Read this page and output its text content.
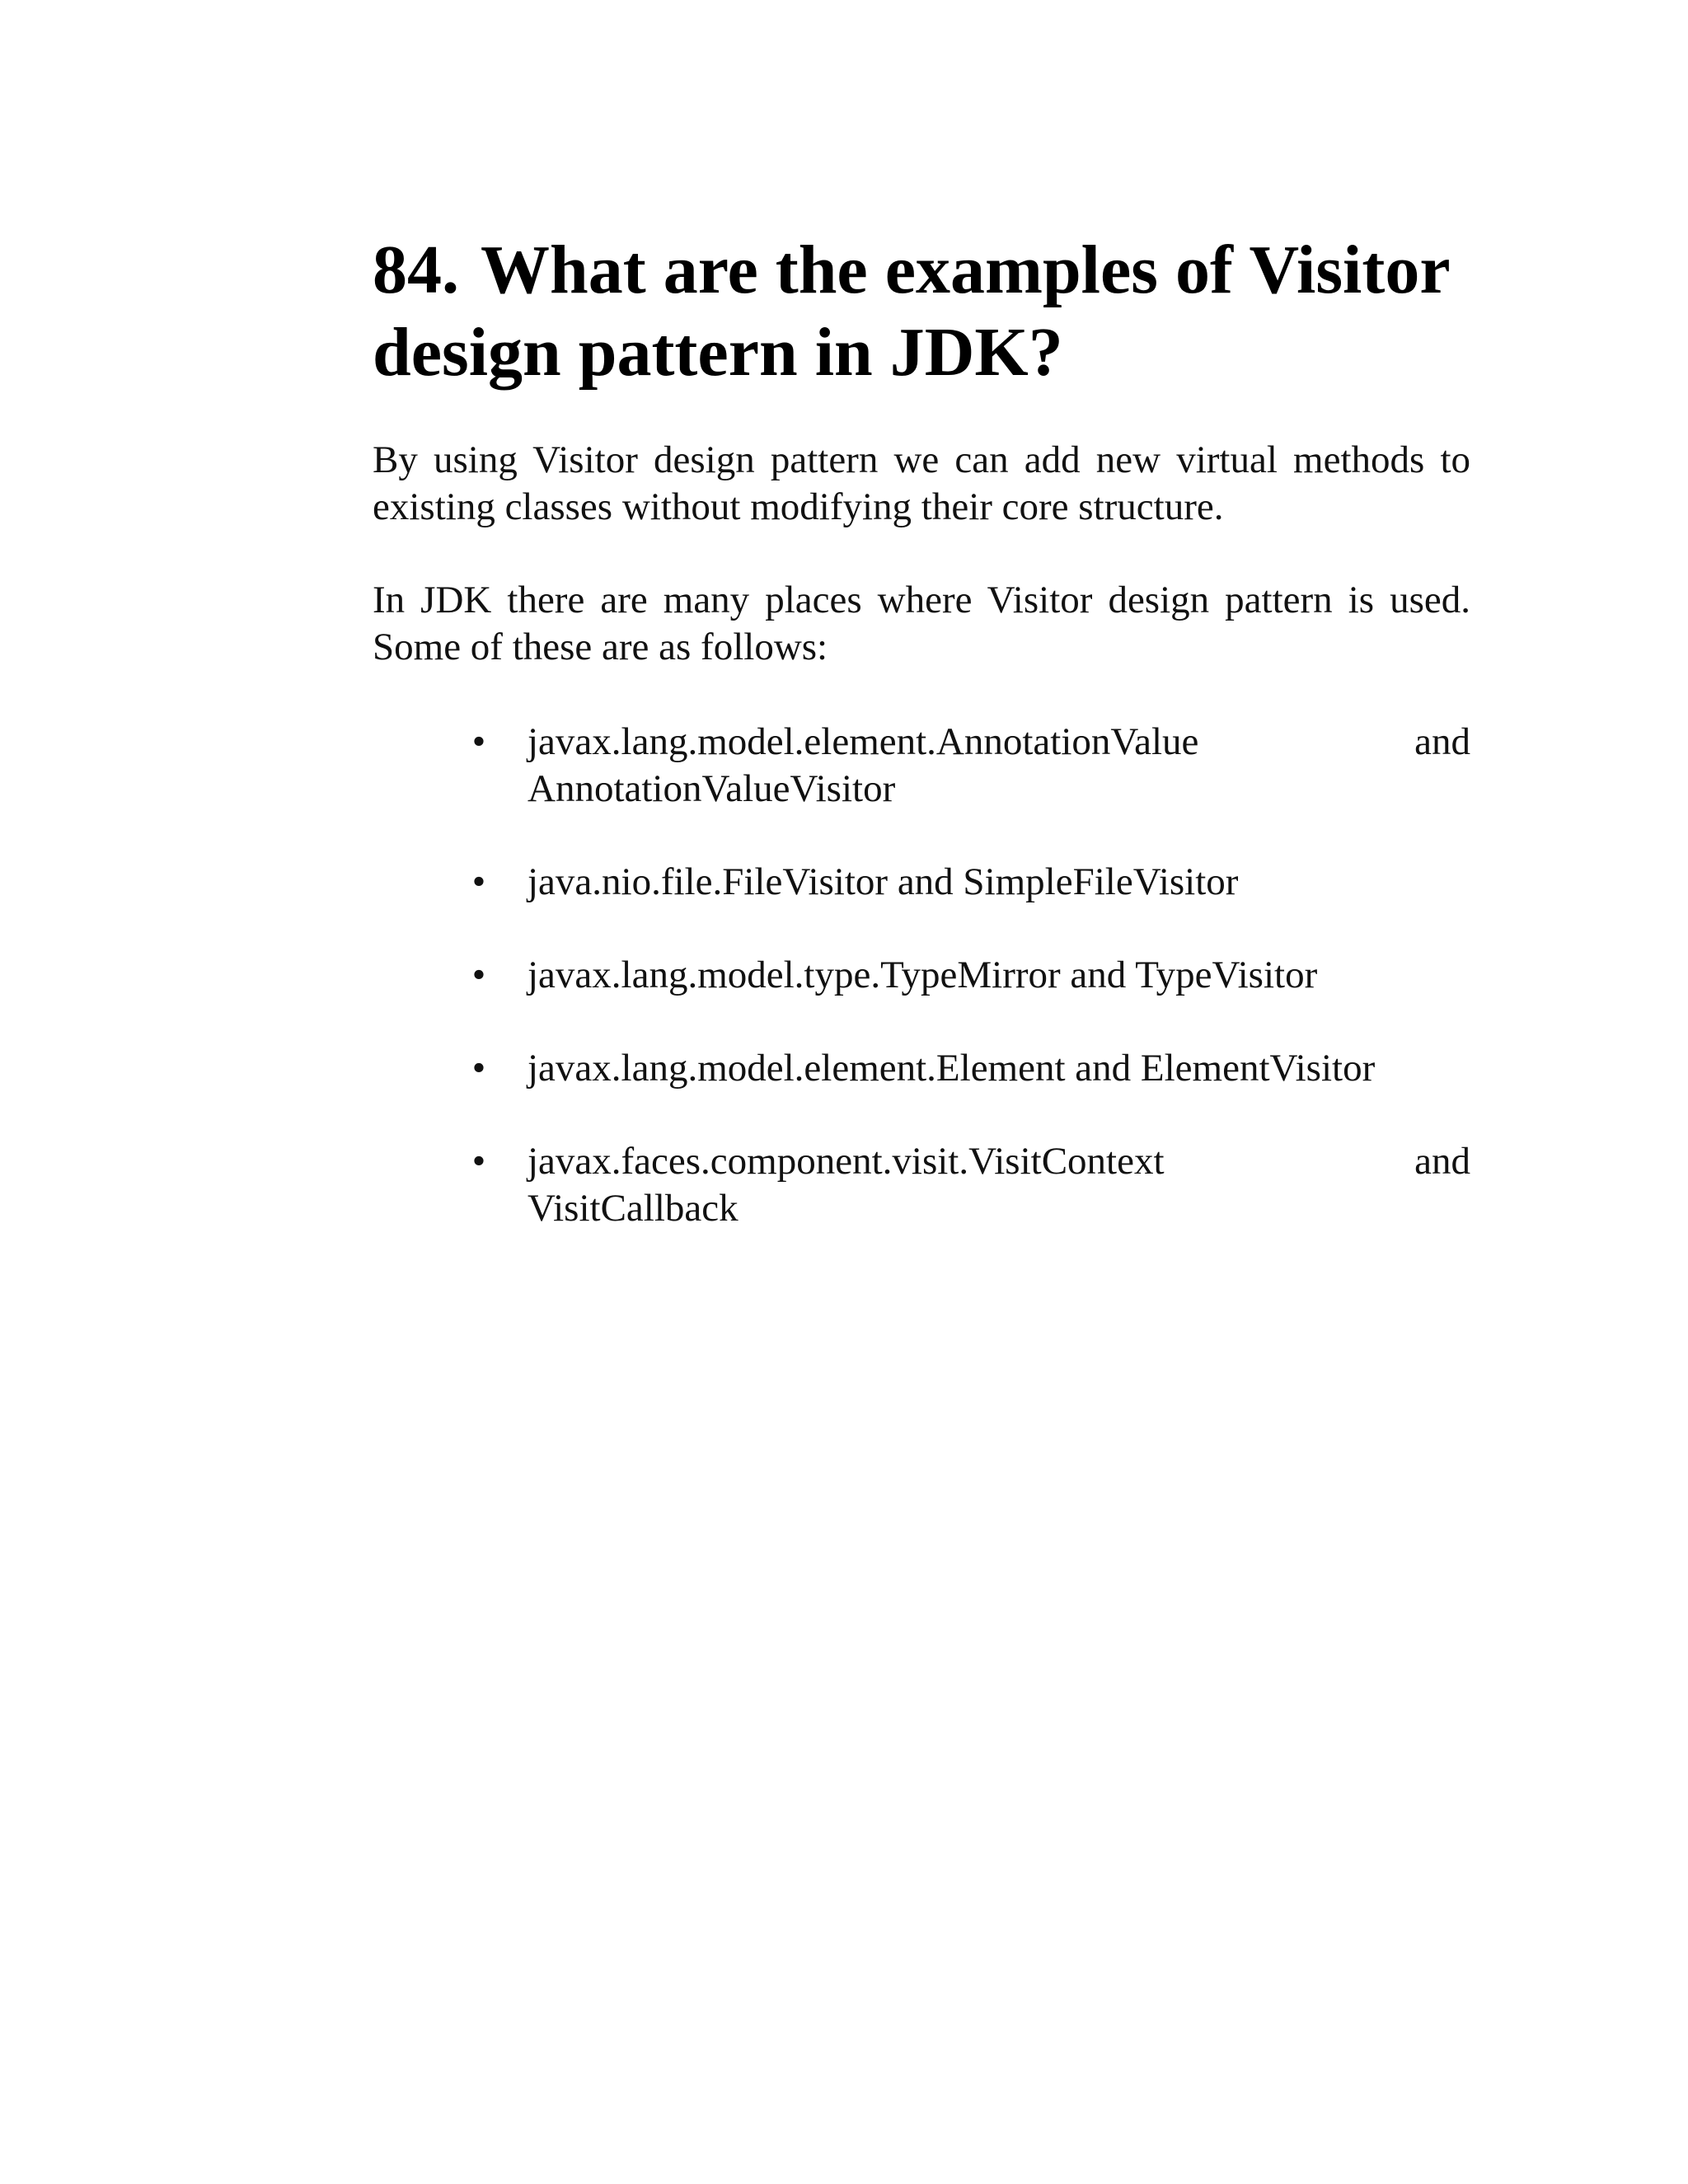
84. What are the examples of Visitor
design pattern in JDK?

By using Visitor design pattern we can add new virtual methods to
existing classes without modifying their core structure.

In JDK there are many places where Visitor design pattern is used.
Some of these are as follows:

• javax.lang.model.element.AnnotationValue	and
AnnotationValueVisitor
• java.nio.file.FileVisitor and SimpleFileVisitor
• javax.lang.model.type.TypeMirror and TypeVisitor
• javax.lang.model.element.Element and ElementVisitor
• javax.faces.component.visit.VisitContext	and
VisitCallback
